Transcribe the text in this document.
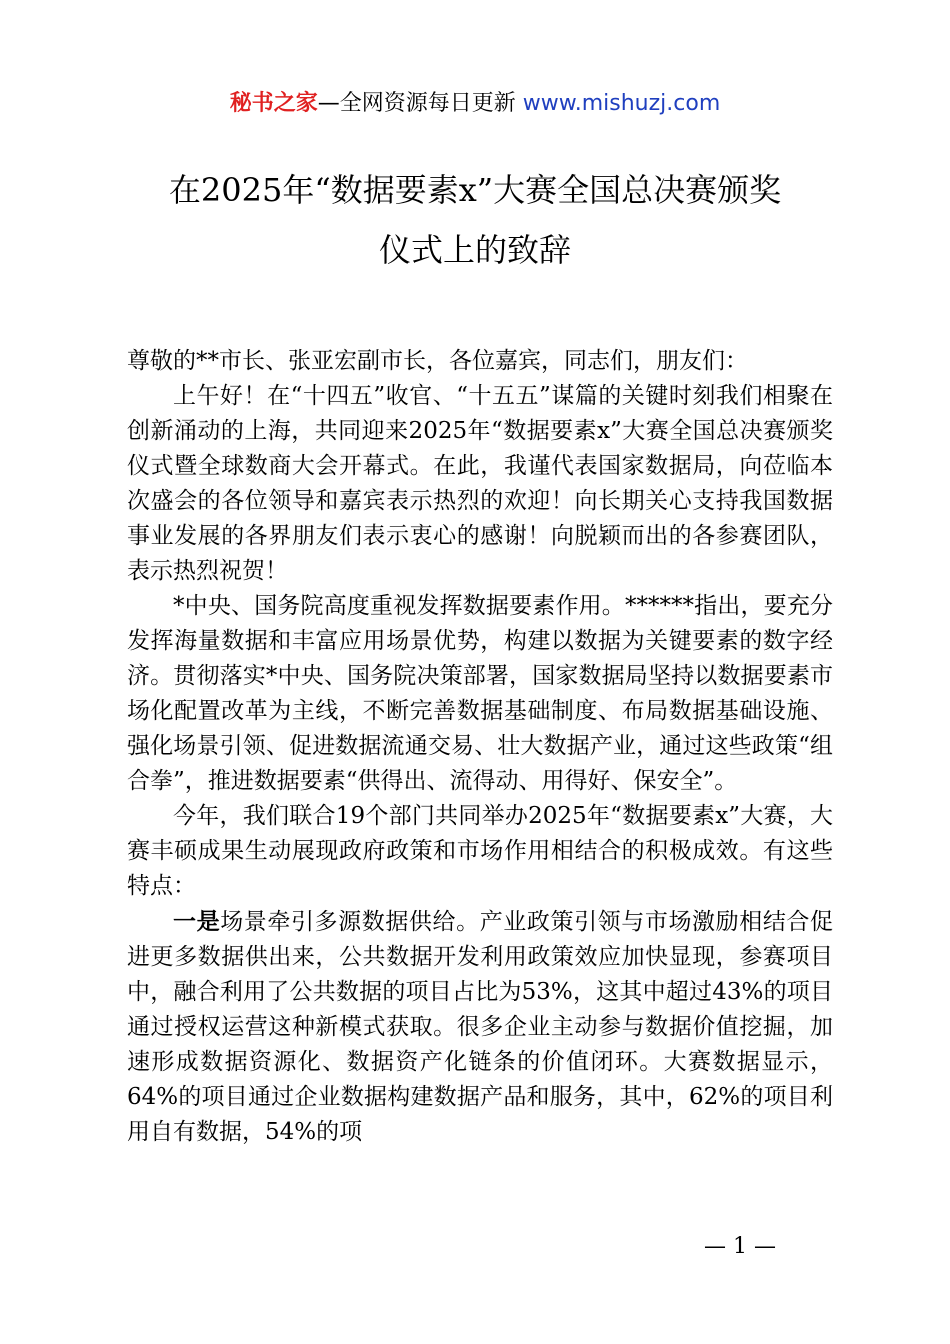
秘书之家—全网资源每日更新 www.mishuzj.com
在2025年“数据要素x”大赛全国总决赛颁奖
仪式上的致辞

尊敬的**市长、张亚宏副市长，各位嘉宾，同志们，朋友们：

上午好！在“十四五”收官、“十五五”谋篇的关键时刻我们相聚在创新涌动的上海，共同迎来2025年“数据要素x”大赛全国总决赛颁奖仪式暨全球数商大会开幕式。在此，我谨代表国家数据局，向莅临本次盛会的各位领导和嘉宾表示热烈的欢迎！向长期关心支持我国数据事业发展的各界朋友们表示衷心的感谢！向脱颖而出的各参赛团队，表示热烈祝贺！

*中央、国务院高度重视发挥数据要素作用。******指出，要充分发挥海量数据和丰富应用场景优势，构建以数据为关键要素的数字经济。贯彻落实*中央、国务院决策部署，国家数据局坚持以数据要素市场化配置改革为主线，不断完善数据基础制度、布局数据基础设施、强化场景引领、促进数据流通交易、壮大数据产业，通过这些政策“组合拳”，推进数据要素“供得出、流得动、用得好、保安全”。

今年，我们联合19个部门共同举办2025年“数据要素x”大赛，大赛丰硕成果生动展现政府政策和市场作用相结合的积极成效。有这些特点：

一是场景牵引多源数据供给。产业政策引领与市场激励相结合促进更多数据供出来，公共数据开发利用政策效应加快显现，参赛项目中，融合利用了公共数据的项目占比为53%，这其中超过43%的项目通过授权运营这种新模式获取。很多企业主动参与数据价值挖掘，加速形成数据资源化、数据资产化链条的价值闭环。大赛数据显示，64%的项目通过企业数据构建数据产品和服务，其中，62%的项目利用自有数据，54%的项

— 1 —
